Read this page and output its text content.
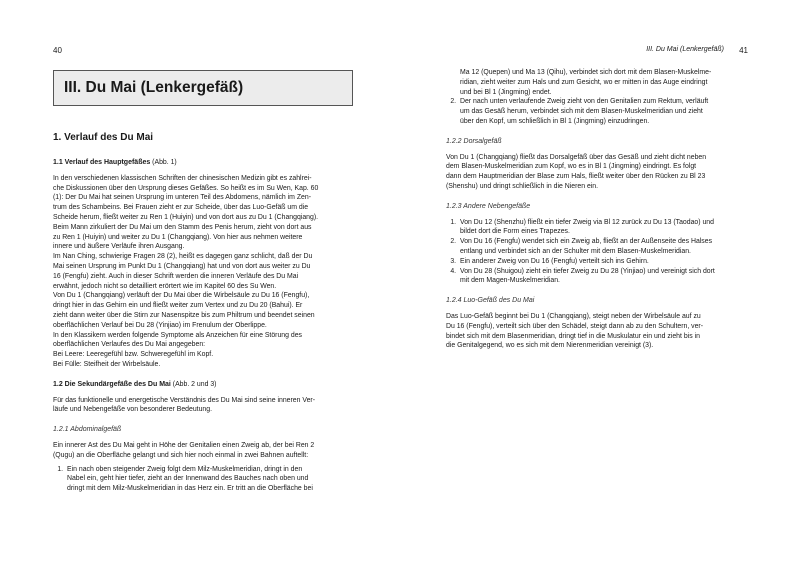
40
III. Du Mai (Lenkergefäß)
1. Verlauf des Du Mai
1.1 Verlauf des Hauptgefäßes (Abb. 1)

In den verschiedenen klassischen Schriften der chinesischen Medizin gibt es zahlrei-
che Diskussionen über den Ursprung dieses Gefäßes. So heißt es im Su Wen, Kap. 60
(1): Der Du Mai hat seinen Ursprung im unteren Teil des Abdomens, nämlich im Zen-
trum des Schambeins. Bei Frauen zieht er zur Scheide, über das Luo-Gefäß um die
Scheide herum, fließt weiter zu Ren 1 (Huiyin) und von dort aus zu Du 1 (Changqiang).
Beim Mann zirkuliert der Du Mai um den Stamm des Penis herum, zieht von dort aus
zu Ren 1 (Huiyin) und weiter zu Du 1 (Changqiang). Von hier aus nehmen weitere
innere und äußere Verläufe ihren Ausgang.
Im Nan Ching, schwierige Fragen 28 (2), heißt es dagegen ganz schlicht, daß der Du
Mai seinen Ursprung im Punkt Du 1 (Changqiang) hat und von dort aus weiter zu Du
16 (Fengfu) zieht. Auch in dieser Schrift werden die inneren Verläufe des Du Mai
erwähnt, jedoch nicht so detailliert erörtert wie im Kapitel 60 des Su Wen.
Von Du 1 (Changqiang) verläuft der Du Mai über die Wirbelsäule zu Du 16 (Fengfu),
dringt hier in das Gehirn ein und fließt weiter zum Vertex und zu Du 20 (Bahui). Er
zieht dann weiter über die Stirn zur Nasenspitze bis zum Philtrum und beendet seinen
oberflächlichen Verlauf bei Du 28 (Yinjiao) im Frenulum der Oberlippe.
In den Klassikern werden folgende Symptome als Anzeichen für eine Störung des
oberflächlichen Verlaufes des Du Mai angegeben:
Bei Leere: Leeregefühl bzw. Schweregefühl im Kopf.
Bei Fülle: Steifheit der Wirbelsäule.

1.2 Die Sekundärgefäße des Du Mai (Abb. 2 und 3)

Für das funktionelle und energetische Verständnis des Du Mai sind seine inneren Ver-
läufe und Nebengefäße von besonderer Bedeutung.

1.2.1 Abdominalgefäß

Ein innerer Ast des Du Mai geht in Höhe der Genitalien einen Zweig ab, der bei Ren 2
(Qugu) an die Oberfläche gelangt und sich hier noch einmal in zwei Bahnen auftellt:

1. Ein nach oben steigender Zweig folgt dem Milz-Muskelmeridian, dringt in den
Nabel ein, geht hier tiefer, zieht an der Innenwand des Bauches nach oben und
dringt mit dem Milz-Muskelmeridian in das Herz ein. Er tritt an die Oberfläche bei
III. Du Mai (Lenkergefäß) 41

Ma 12 (Quepen) und Ma 13 (Qihu), verbindet sich dort mit dem Blasen-Muskelme-
ridian, zieht weiter zum Hals und zum Gesicht, wo er mitten in das Auge eindringt
und bei Bl 1 (Jingming) endet.

2. Der nach unten verlaufende Zweig zieht von den Genitalien zum Rektum, verläuft
um das Gesäß herum, verbindet sich mit dem Blasen-Muskelmeridian und zieht
über den Kopf, um schließlich in Bl 1 (Jingming) einzudringen.
1.2.2 Dorsalgefäß

Von Du 1 (Changqiang) fließt das Dorsalgefäß über das Gesäß und zieht dicht neben
dem Blasen-Muskelmeridian zum Kopf, wo es in Bl 1 (Jingming) eindringt. Es folgt
dann dem Hauptmeridian der Blase zum Hals, fließt weiter über den Rücken zu Bl 23
(Shenshu) und dringt schließlich in die Nieren ein.

1.2.3 Andere Nebengefäße
1. Von Du 12 (Shenzhu) fließt ein tiefer Zweig via Bl 12 zurück zu Du 13 (Taodao) und
bildet dort die Form eines Trapezes.
2. Von Du 16 (Fengfu) wendet sich ein Zweig ab, fließt an der Außenseite des Halses
entlang und verbindet sich an der Schulter mit dem Blasen-Muskelmeridian.
3. Ein anderer Zweig von Du 16 (Fengfu) verteilt sich ins Gehirn.
4. Von Du 28 (Shuigou) zieht ein tiefer Zweig zu Du 28 (Yinjiao) und vereinigt sich dort
mit dem Magen-Muskelmeridian.
1.2.4 Luo-Gefäß des Du Mai

Das Luo-Gefäß beginnt bei Du 1 (Changqiang), steigt neben der Wirbelsäule auf zu
Du 16 (Fengfu), verteilt sich über den Schädel, steigt dann ab zu den Schultern, ver-
bindet sich mit dem Blasenmeridian, dringt tief in die Muskulatur ein und zieht bis in
die Genitalgegend, wo es sich mit dem Nierenmeridian vereinigt (3).
